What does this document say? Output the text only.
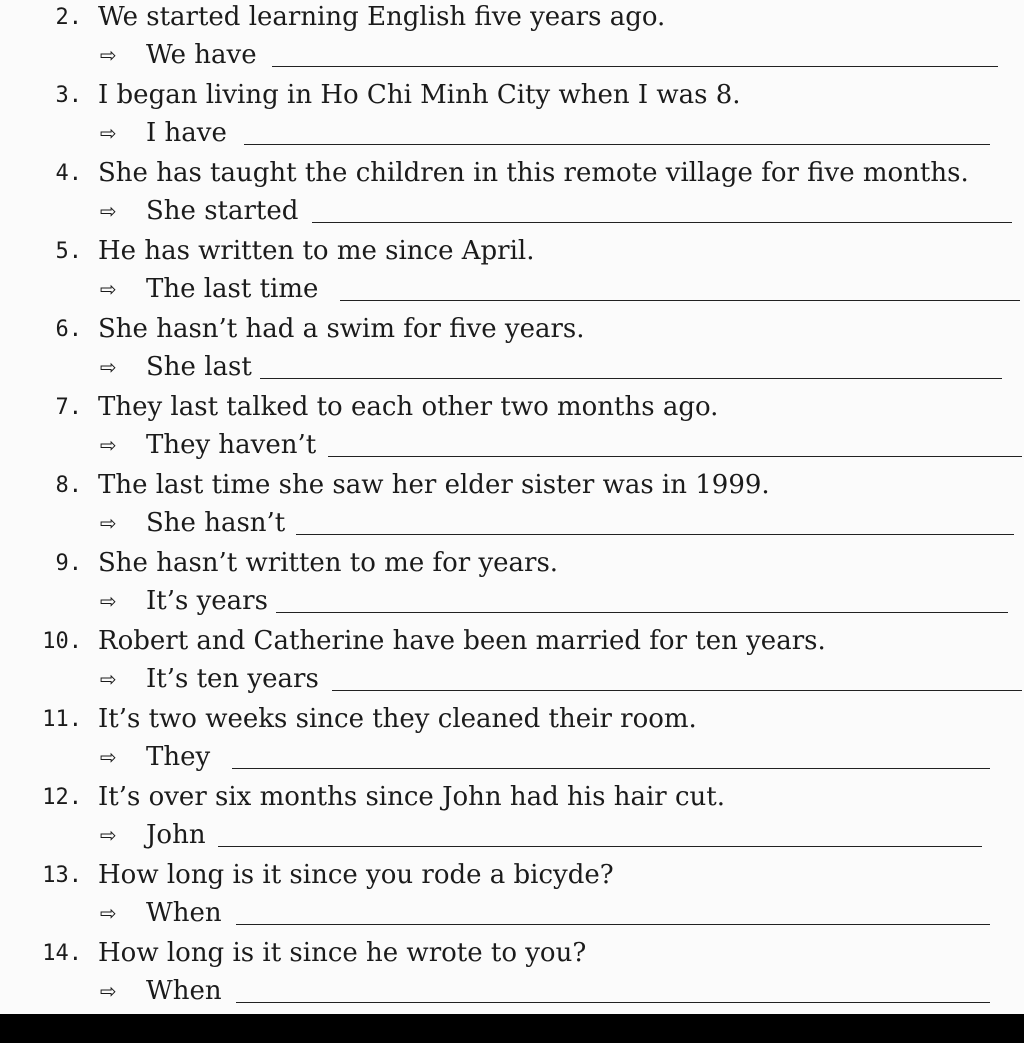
2. We started learning English five years ago.
⇨ We have
3. I began living in Ho Chi Minh City when I was 8.
⇨ I have
4. She has taught the children in this remote village for five months.
⇨ She started
5. He has written to me since April.
⇨ The last time
6. She hasn’t had a swim for five years.
⇨ She last
7. They last talked to each other two months ago.
⇨ They haven’t
8. The last time she saw her elder sister was in 1999.
⇨ She hasn’t
9. She hasn’t written to me for years.
⇨ It’s years
10. Robert and Catherine have been married for ten years.
⇨ It’s ten years
11. It’s two weeks since they cleaned their room.
⇨ They
12. It’s over six months since John had his hair cut.
⇨ John
13. How long is it since you rode a bicyde?
⇨ When
14. How long is it since he wrote to you?
⇨ When
